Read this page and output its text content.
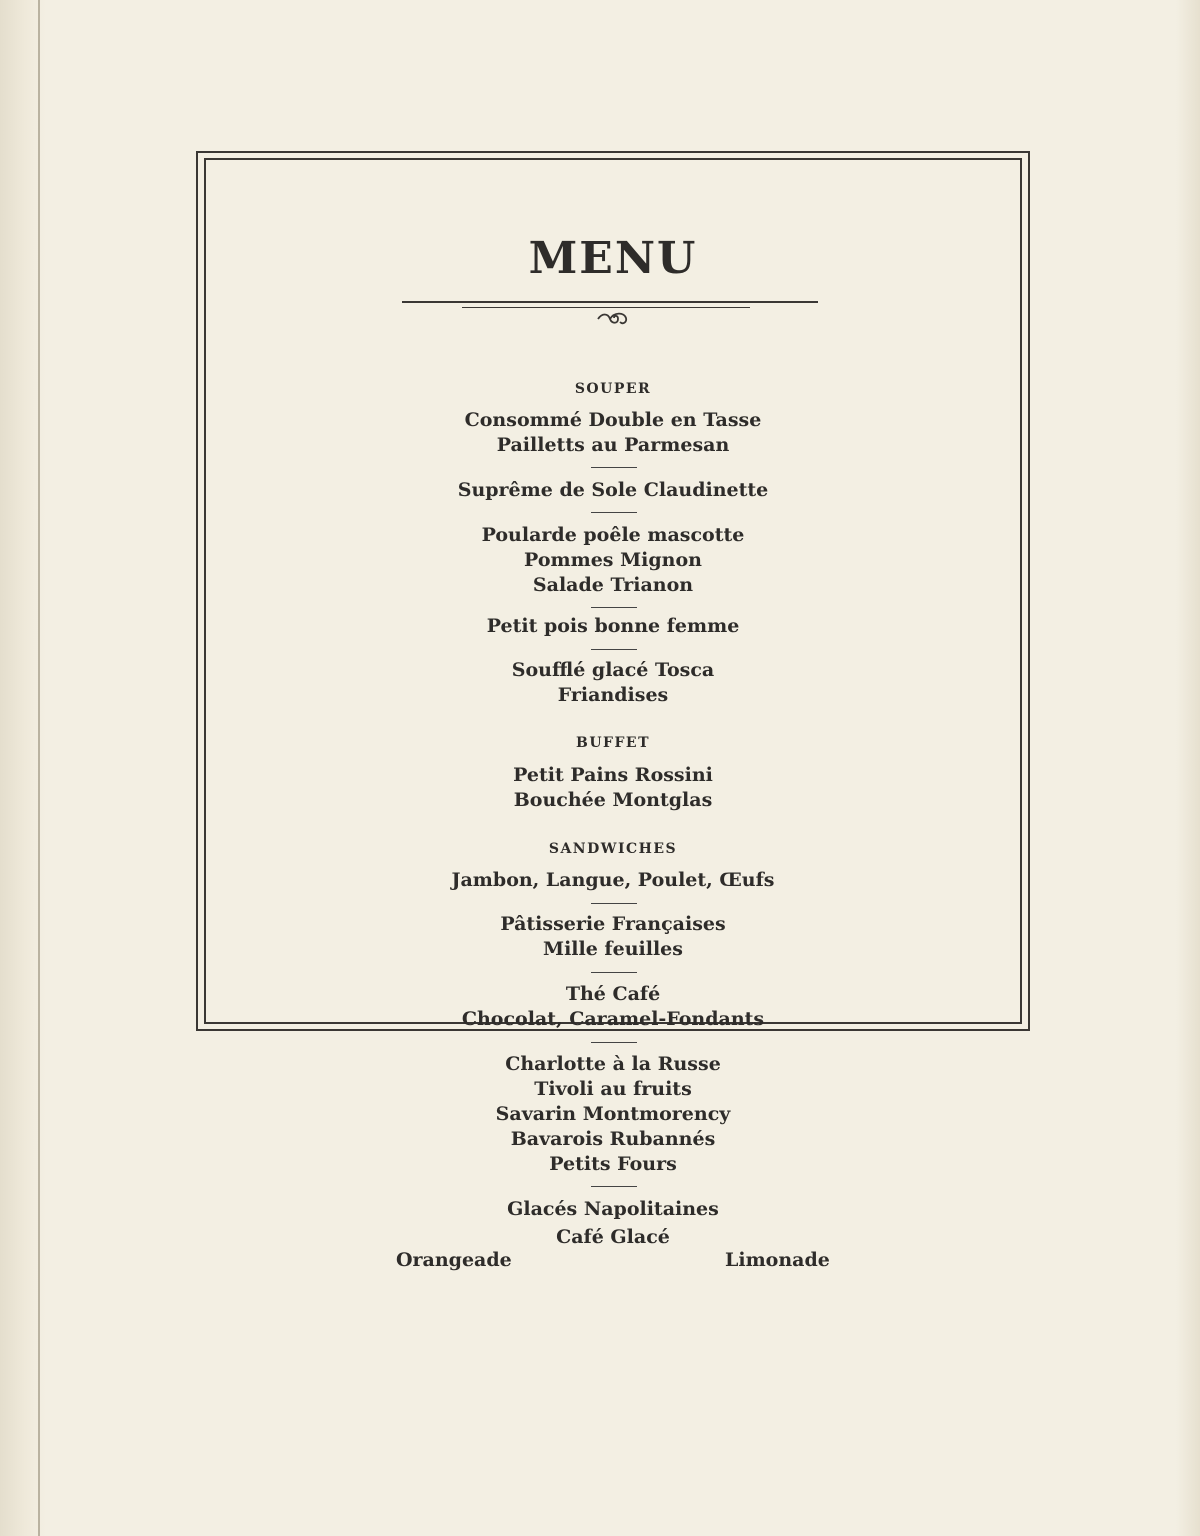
MENU
SOUPER
Consommé Double en Tasse
Pailletts au Parmesan
Suprême de Sole Claudinette
Poularde poêle mascotte
Pommes Mignon
Salade Trianon
Petit pois bonne femme
Soufflé glacé Tosca
Friandises
BUFFET
Petit Pains Rossini
Bouchée Montglas
SANDWICHES
Jambon, Langue, Poulet, Œufs
Pâtisserie Françaises
Mille feuilles
Thé Café
Chocolat, Caramel-Fondants
Charlotte à la Russe
Tivoli au fruits
Savarin Montmorency
Bavarois Rubannés
Petits Fours
Glacés Napolitaines
Café Glacé
Orangeade	Limonade
